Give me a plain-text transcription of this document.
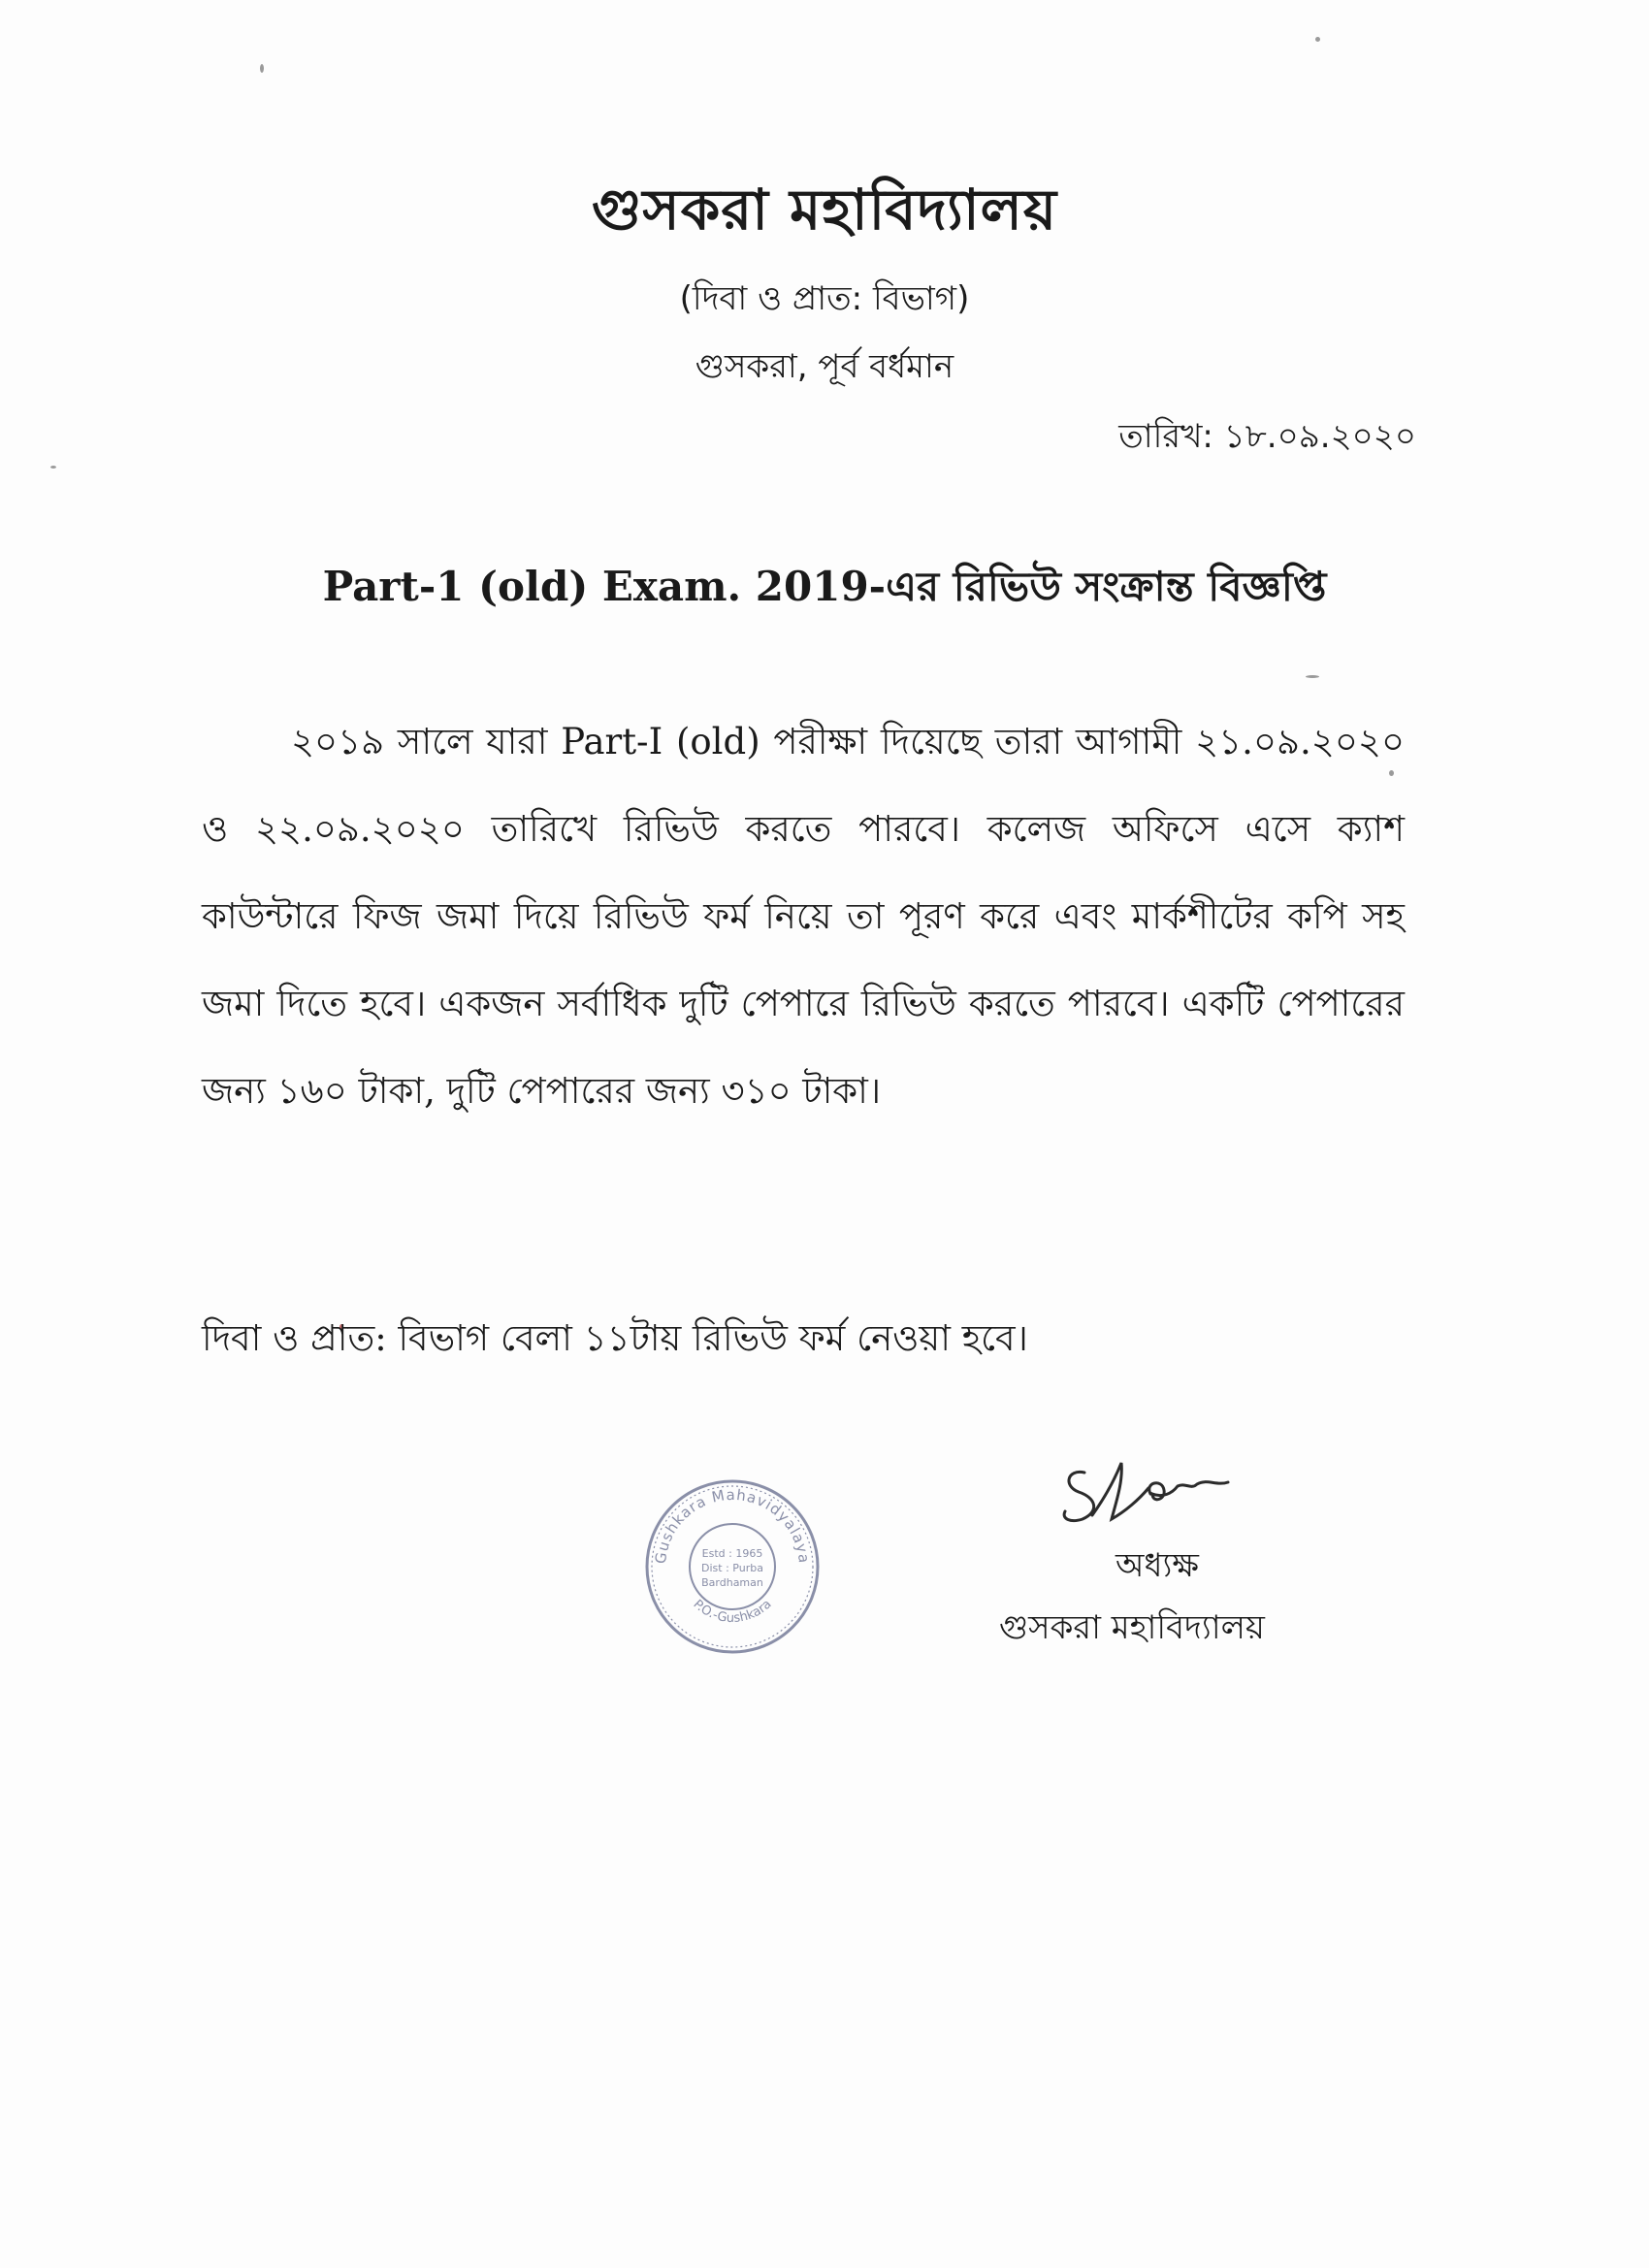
গুসকরা মহাবিদ্যালয়
(দিবা ও প্রাত: বিভাগ)
গুসকরা, পূর্ব বর্ধমান
তারিখ: ১৮.০৯.২০২০
Part-1 (old) Exam. 2019-এর রিভিউ সংক্রান্ত বিজ্ঞপ্তি
২০১৯ সালে যারা Part-I (old) পরীক্ষা দিয়েছে তারা আগামী ২১.০৯.২০২০ ও ২২.০৯.২০২০ তারিখে রিভিউ করতে পারবে। কলেজ অফিসে এসে ক্যাশ কাউন্টারে ফিজ জমা দিয়ে রিভিউ ফর্ম নিয়ে তা পূরণ করে এবং মার্কশীটের কপি সহ জমা দিতে হবে। একজন সর্বাধিক দুটি পেপারে রিভিউ করতে পারবে। একটি পেপারের জন্য ১৬০ টাকা, দুটি পেপারের জন্য ৩১০ টাকা।
দিবা ও প্রাত: বিভাগ বেলা ১১টায় রিভিউ ফর্ম নেওয়া হবে।
Gushkara Mahavidyalaya
P.O.-Gushkara
Estd : 1965
Dist : Purba
Bardhaman	অধ্যক্ষ
গুসকরা মহাবিদ্যালয়
